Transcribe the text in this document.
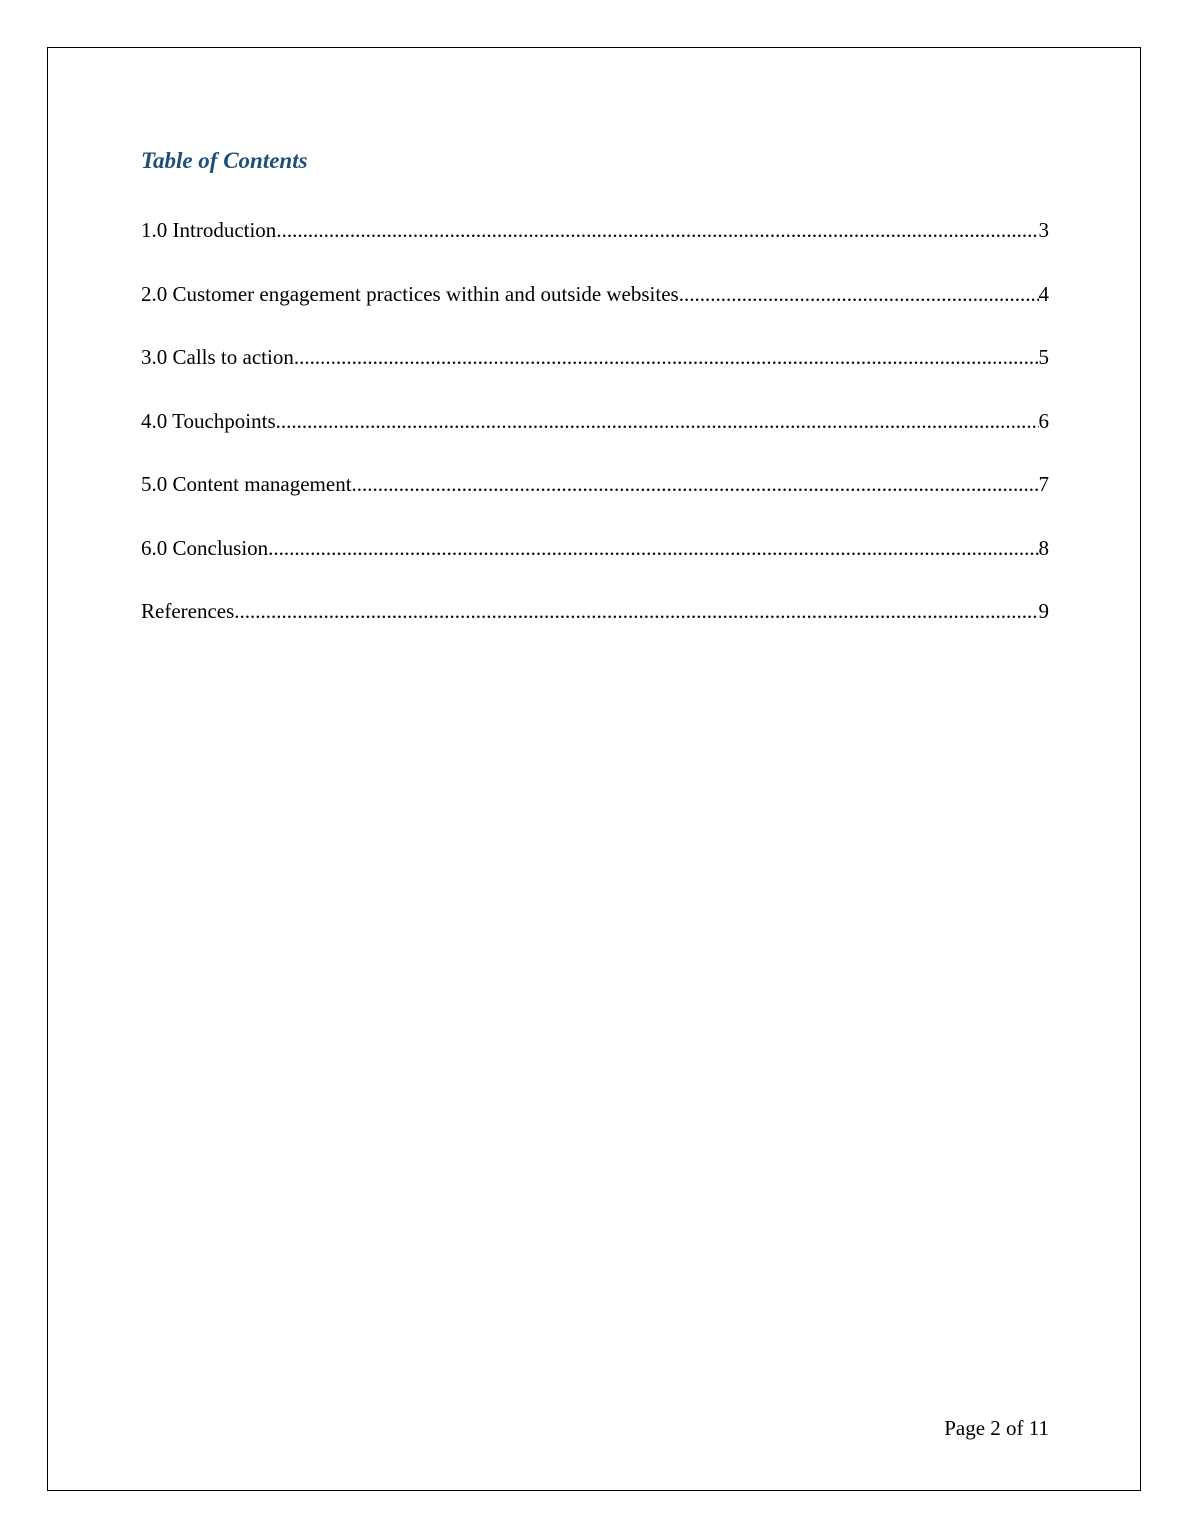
Table of Contents
1.0 Introduction .....	3
2.0 Customer engagement practices within and outside websites .....	4
3.0 Calls to action .....	5
4.0 Touchpoints .....	6
5.0 Content management .....	7
6.0 Conclusion .....	8
References .....	9
Page 2 of 11
